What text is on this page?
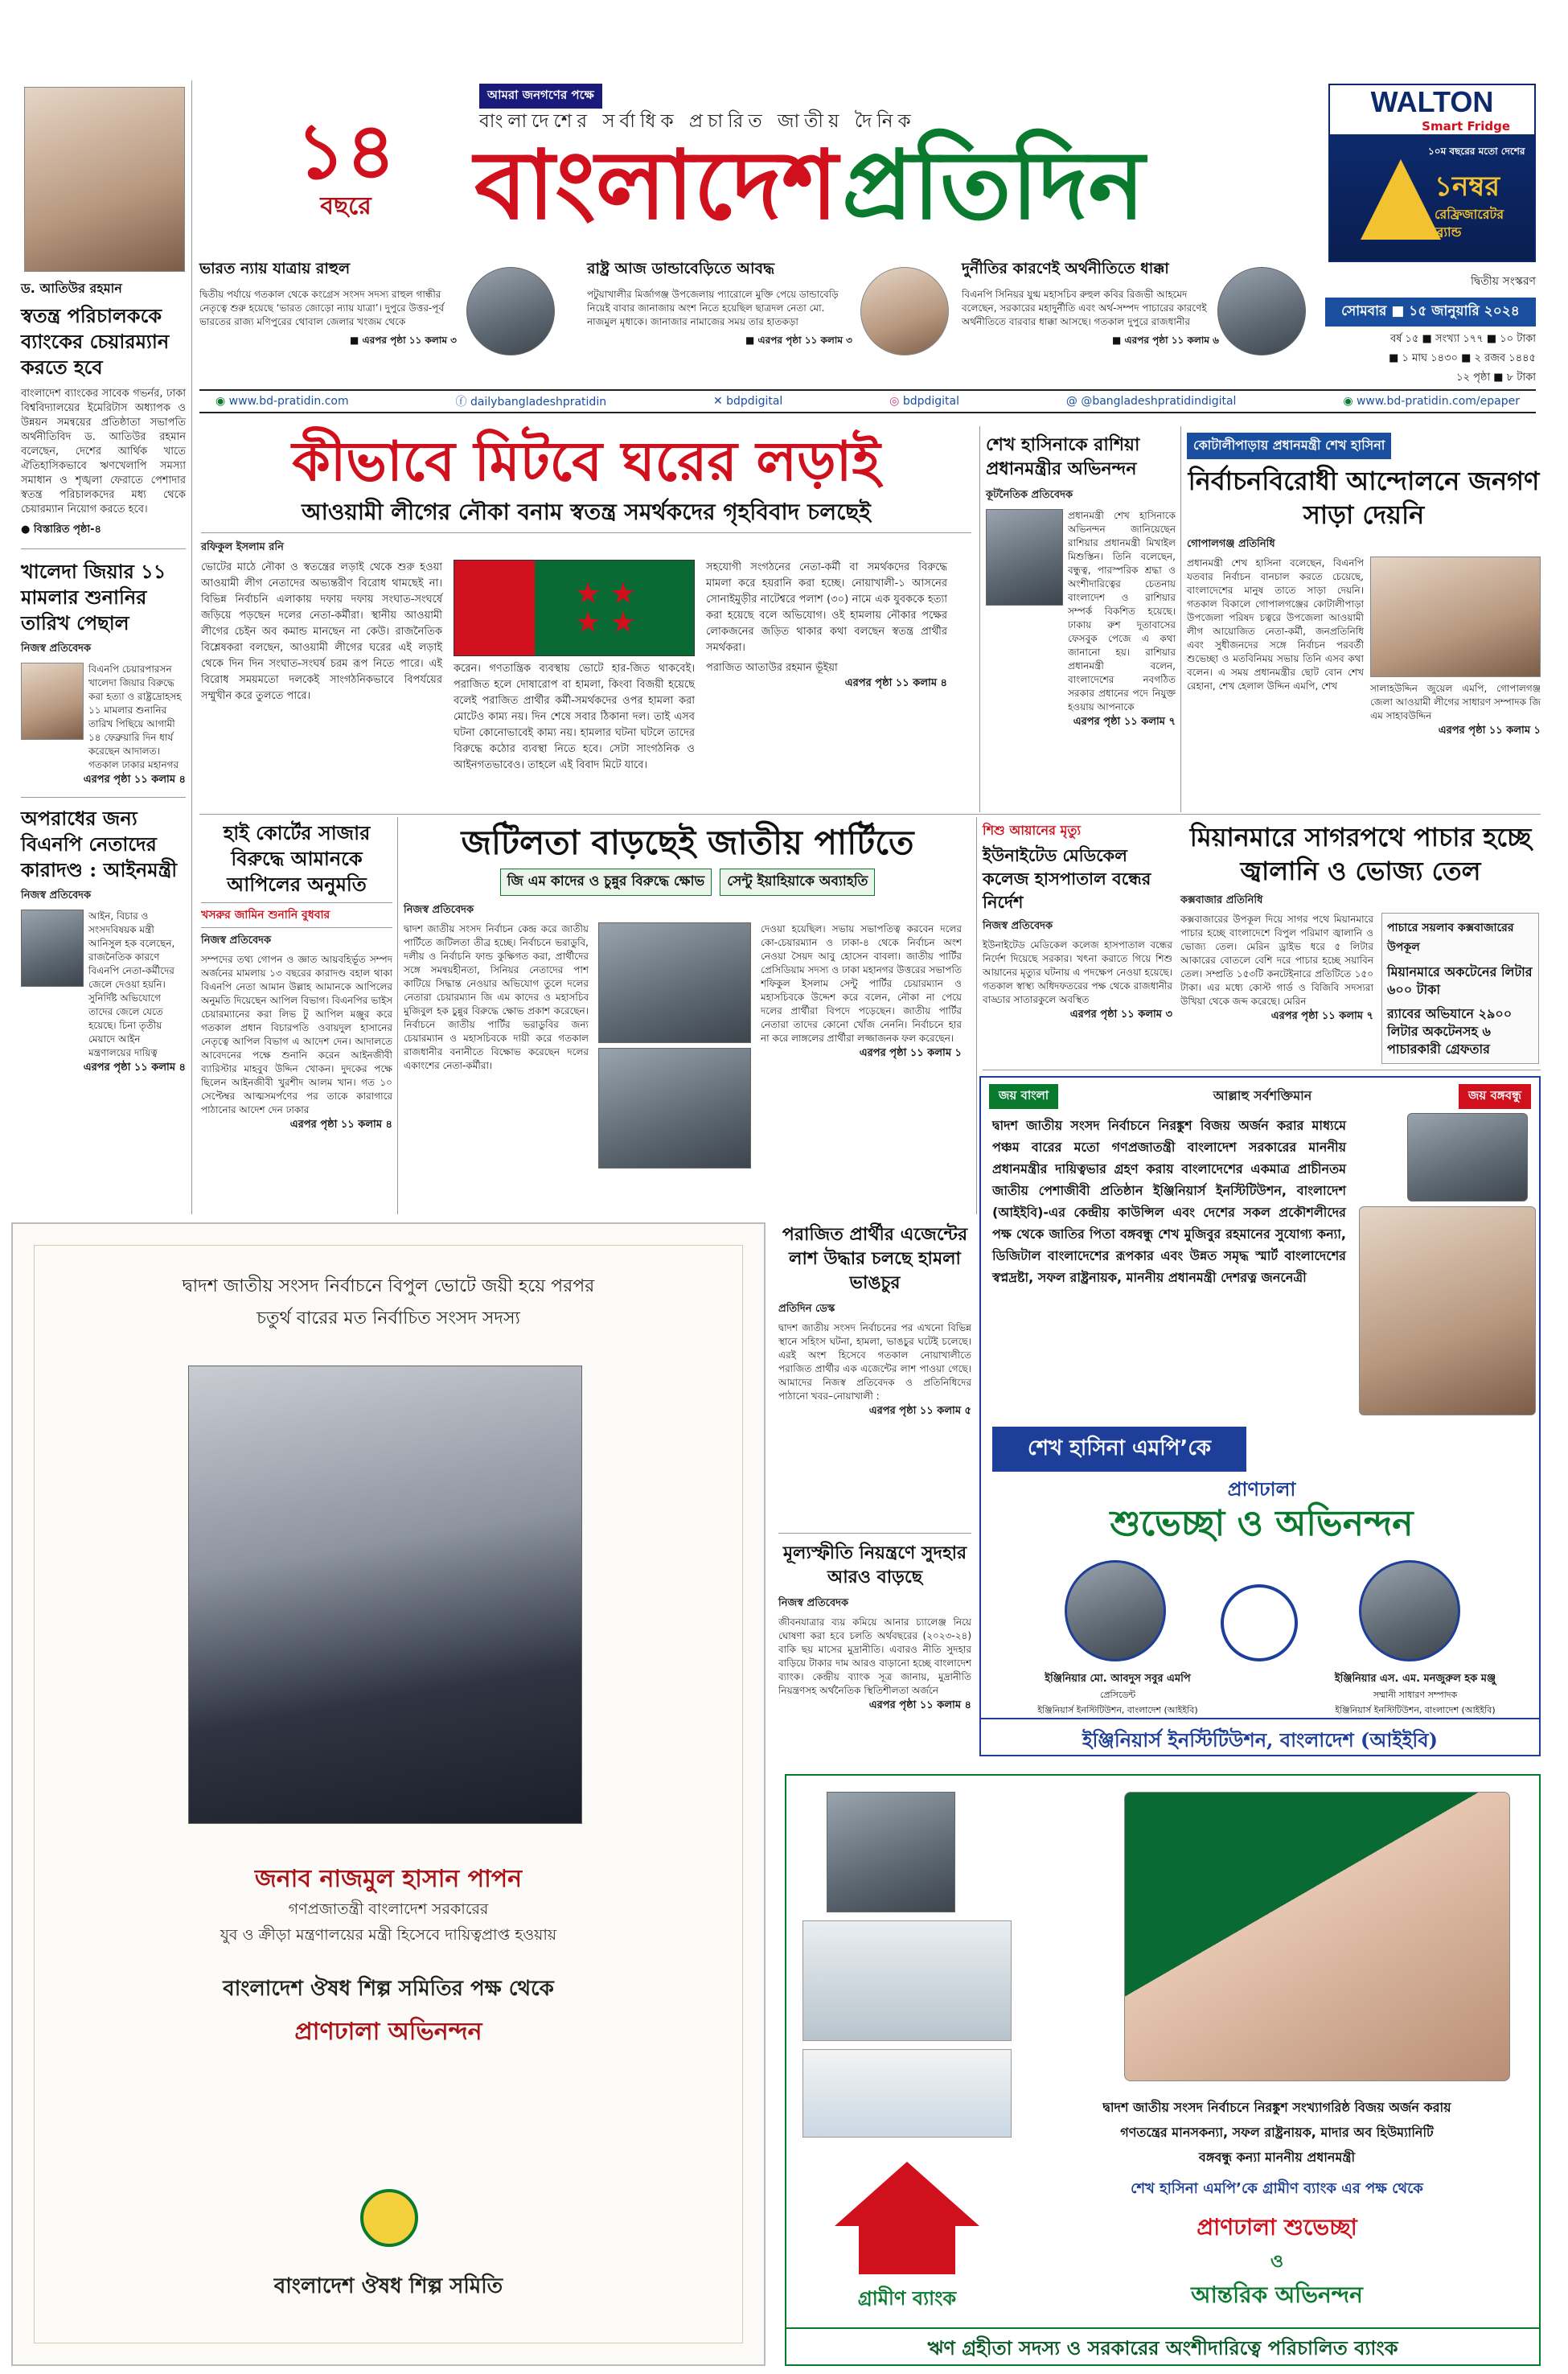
১৪
বছরে
আমরা জনগণের পক্ষে
বাংলাদেশের সর্বাধিক প্রচারিত জাতীয় দৈনিক
বাংলাদেশ প্রতিদিন
WALTON
Smart Fridge
১০ম বছরের মতো দেশের
১নম্বর
রেফ্রিজারেটর ব্র্যান্ড
ভারত ন্যায় যাত্রায় রাহুল
দ্বিতীয় পর্যায়ে গতকাল থেকে কংগ্রেস সংসদ সদস্য রাহুল গান্ধীর নেতৃত্বে শুরু হয়েছে ‘ভারত জোড়ো ন্যায় যাত্রা’। দুপুরে উত্তর-পূর্ব ভারতের রাজ্য মণিপুরের থোবাল জেলার খংজম থেকে
■ এরপর পৃষ্ঠা ১১ কলাম ৩
রাষ্ট্র আজ ডান্ডাবেড়িতে আবদ্ধ
পটুয়াখালীর মির্জাগঞ্জ উপজেলায় প্যারোলে মুক্তি পেয়ে ডান্ডাবেড়ি নিয়েই বাবার জানাজায় অংশ নিতে হয়েছিল ছাত্রদল নেতা মো. নাজমুল মৃধাকে। জানাজার নামাজের সময় তার হাতকড়া
■ এরপর পৃষ্ঠা ১১ কলাম ৩
দুর্নীতির কারণেই অর্থনীতিতে ধাক্কা
বিএনপি সিনিয়র যুগ্ম মহাসচিব রুহুল কবির রিজভী আহমেদ বলেছেন, সরকারের মহাদুর্নীতি এবং অর্থ-সম্পদ পাচারের কারণেই অর্থনীতিতে বারবার ধাক্কা আসছে। গতকাল দুপুরে রাজধানীর
■ এরপর পৃষ্ঠা ১১ কলাম ৬
দ্বিতীয় সংস্করণ
সোমবার ■ ১৫ জানুয়ারি ২০২৪
বর্ষ ১৫ ■ সংখ্যা ১৭৭ ■ ১০ টাকা
■ ১ মাঘ ১৪৩০ ■ ২ রজব ১৪৪৫
১২ পৃষ্ঠা ■ ৮ টাকা
◉ www.bd-pratidin.com	ⓕ dailybangladeshpratidin	✕ bdpdigital	◎ bdpdigital	@ @bangladeshpratidindigital	◉ www.bd-pratidin.com/epaper
ড. আতিউর রহমান
স্বতন্ত্র পরিচালককে ব্যাংকের চেয়ারম্যান করতে হবে
বাংলাদেশ ব্যাংকের সাবেক গভর্নর, ঢাকা বিশ্ববিদ্যালয়ের ইমেরিটাস অধ্যাপক ও উন্নয়ন সমন্বয়ের প্রতিষ্ঠাতা সভাপতি অর্থনীতিবিদ ড. আতিউর রহমান বলেছেন, দেশের আর্থিক খাতে ঐতিহাসিকভাবে ঋণখেলাপি সমস্যা সমাধান ও শৃঙ্খলা ফেরাতে পেশাদার স্বতন্ত্র পরিচালকদের মধ্য থেকে চেয়ারম্যান নিয়োগ করতে হবে।
● বিস্তারিত পৃষ্ঠা-৪
খালেদা জিয়ার ১১ মামলার শুনানির তারিখ পেছাল
নিজস্ব প্রতিবেদক
বিএনপি চেয়ারপারসন খালেদা জিয়ার বিরুদ্ধে করা হত্যা ও রাষ্ট্রদ্রোহসহ ১১ মামলার শুনানির তারিখ পিছিয়ে আগামী ১৪ ফেব্রুয়ারি দিন ধার্য করেছেন আদালত। গতকাল ঢাকার মহানগর
এরপর পৃষ্ঠা ১১ কলাম ৪
অপরাধের জন্য বিএনপি নেতাদের কারাদণ্ড : আইনমন্ত্রী
নিজস্ব প্রতিবেদক
আইন, বিচার ও সংসদবিষয়ক মন্ত্রী আনিসুল হক বলেছেন, রাজনৈতিক কারণে বিএনপি নেতা-কর্মীদের জেলে দেওয়া হয়নি। সুনির্দিষ্ট অভিযোগে তাদের জেলে যেতে হয়েছে। চিনা তৃতীয় মেয়াদে আইন মন্ত্রণালয়ের দায়িত্ব
এরপর পৃষ্ঠা ১১ কলাম ৪
কীভাবে মিটবে ঘরের লড়াই
আওয়ামী লীগের নৌকা বনাম স্বতন্ত্র সমর্থকদের গৃহবিবাদ চলছেই
রফিকুল ইসলাম রনি
ভোটের মাঠে নৌকা ও স্বতন্ত্রের লড়াই থেকে শুরু হওয়া আওয়ামী লীগ নেতাদের অভ্যন্তরীণ বিরোধ থামছেই না। বিভিন্ন নির্বাচনি এলাকায় দফায় দফায় সংঘাত-সংঘর্ষে জড়িয়ে পড়ছেন দলের নেতা-কর্মীরা। স্থানীয় আওয়ামী লীগের চেইন অব কমান্ড মানছেন না কেউ। রাজনৈতিক বিশ্লেষকরা বলছেন, আওয়ামী লীগের ঘরের এই লড়াই থেকে দিন দিন সংঘাত-সংঘর্ষ চরম রূপ নিতে পারে। এই বিরোধ সময়মতো দলকেই সাংগঠনিকভাবে বিপর্যয়ের সম্মুখীন করে তুলতে পারে।
★ ★
★ ★
করেন। গণতান্ত্রিক ব্যবস্থায় ভোটে হার-জিত থাকবেই। পরাজিত হলে দোষারোপ বা হামলা, কিংবা বিজয়ী হয়েছে বলেই পরাজিত প্রার্থীর কর্মী-সমর্থকদের ওপর হামলা করা মোটেও কাম্য নয়। দিন শেষে সবার ঠিকানা দল। তাই এসব ঘটনা কোনোভাবেই কাম্য নয়। হামলার ঘটনা ঘটলে তাদের বিরুদ্ধে কঠোর ব্যবস্থা নিতে হবে। সেটা সাংগঠনিক ও আইনগতভাবেও। তাহলে এই বিবাদ মিটে যাবে।
সহযোগী সংগঠনের নেতা-কর্মী বা সমর্থকদের বিরুদ্ধে মামলা করে হয়রানি করা হচ্ছে। নোয়াখালী-১ আসনের সোনাইমুড়ীর নাটেশ্বরে পলাশ (৩০) নামে এক যুবককে হত্যা করা হয়েছে বলে অভিযোগ। ওই হামলায় নৌকার পক্ষের লোকজনের জড়িত থাকার কথা বলছেন স্বতন্ত্র প্রার্থীর সমর্থকরা।
পরাজিত আতাউর রহমান ভূঁইয়া
এরপর পৃষ্ঠা ১১ কলাম ৪
শেখ হাসিনাকে রাশিয়া প্রধানমন্ত্রীর অভিনন্দন
কূটনৈতিক প্রতিবেদক
প্রধানমন্ত্রী শেখ হাসিনাকে অভিনন্দন জানিয়েছেন রাশিয়ার প্রধানমন্ত্রী মিখাইল মিশুস্তিন। তিনি বলেছেন, বন্ধুত্ব, পারস্পরিক শ্রদ্ধা ও অংশীদারিত্বের চেতনায় বাংলাদেশ ও রাশিয়ার সম্পর্ক বিকশিত হয়েছে। ঢাকায় রুশ দূতাবাসের ফেসবুক পেজে এ কথা জানানো হয়। রাশিয়ার প্রধানমন্ত্রী বলেন, বাংলাদেশের নবগঠিত সরকার প্রধানের পদে নিযুক্ত হওয়ায় আপনাকে
এরপর পৃষ্ঠা ১১ কলাম ৭
কোটালীপাড়ায় প্রধানমন্ত্রী শেখ হাসিনা
নির্বাচনবিরোধী আন্দোলনে জনগণ সাড়া দেয়নি
গোপালগঞ্জ প্রতিনিধি
প্রধানমন্ত্রী শেখ হাসিনা বলেছেন, বিএনপি যতবার নির্বাচন বানচাল করতে চেয়েছে, বাংলাদেশের মানুষ তাতে সাড়া দেয়নি। গতকাল বিকালে গোপালগঞ্জের কোটালীপাড়া উপজেলা পরিষদ চত্বরে উপজেলা আওয়ামী লীগ আয়োজিত নেতা-কর্মী, জনপ্রতিনিধি এবং সুধীজনদের সঙ্গে নির্বাচন পরবর্তী শুভেচ্ছা ও মতবিনিময় সভায় তিনি এসব কথা বলেন। এ সময় প্রধানমন্ত্রীর ছোট বোন শেখ রেহানা, শেখ হেলাল উদ্দিন এমপি, শেখ	সালাহউদ্দিন জুয়েল এমপি, গোপালগঞ্জ জেলা আওয়ামী লীগের সাধারণ সম্পাদক জি এম সাহাবউদ্দিন
এরপর পৃষ্ঠা ১১ কলাম ১
হাই কোর্টের সাজার বিরুদ্ধে আমানকে আপিলের অনুমতি
খসরুর জামিন শুনানি বুধবার
নিজস্ব প্রতিবেদক
সম্পদের তথ্য গোপন ও জ্ঞাত আয়বহির্ভূত সম্পদ অর্জনের মামলায় ১৩ বছরের কারাদণ্ড বহাল থাকা বিএনপি নেতা আমান উল্লাহ আমানকে আপিলের অনুমতি দিয়েছেন আপিল বিভাগ। বিএনপির ভাইস চেয়ারম্যানের করা লিভ টু আপিল মঞ্জুর করে গতকাল প্রধান বিচারপতি ওবায়দুল হাসানের নেতৃত্বে আপিল বিভাগ এ আদেশ দেন। আদালতে আবেদনের পক্ষে শুনানি করেন আইনজীবী ব্যারিস্টার মাহবুব উদ্দিন খোকন। দুদকের পক্ষে ছিলেন আইনজীবী খুরশীদ আলম খান। গত ১০ সেপ্টেম্বর আত্মসমর্পণের পর তাকে কারাগারে পাঠানোর আদেশ দেন ঢাকার
এরপর পৃষ্ঠা ১১ কলাম ৪
জটিলতা বাড়ছেই জাতীয় পার্টিতে
জি এম কাদের ও চুন্নুর বিরুদ্ধে ক্ষোভ	সেন্টু ইয়াহিয়াকে অব্যাহতি
নিজস্ব প্রতিবেদক
দ্বাদশ জাতীয় সংসদ নির্বাচন কেন্দ্র করে জাতীয় পার্টিতে জটিলতা তীব্র হচ্ছে। নির্বাচনে ভরাডুবি, দলীয় ও নির্বাচনি ফান্ড কুক্ষিগত করা, প্রার্থীদের সঙ্গে সমন্বয়হীনতা, সিনিয়র নেতাদের পাশ কাটিয়ে সিদ্ধান্ত নেওয়ার অভিযোগ তুলে দলের নেতারা চেয়ারম্যান জি এম কাদের ও মহাসচিব মুজিবুল হক চুন্নুর বিরুদ্ধে ক্ষোভ প্রকাশ করেছেন। নির্বাচনে জাতীয় পার্টির ভরাডুবির জন্য চেয়ারম্যান ও মহাসচিবকে দায়ী করে গতকাল রাজধানীর বনানীতে বিক্ষোভ করেছেন দলের একাংশের নেতা-কর্মীরা।
দেওয়া হয়েছিল। সভায় সভাপতিত্ব করবেন দলের কো-চেয়ারম্যান ও ঢাকা-৪ থেকে নির্বাচন অংশ নেওয়া সৈয়দ আবু হোসেন বাবলা। জাতীয় পার্টির প্রেসিডিয়াম সদস্য ও ঢাকা মহানগর উত্তরের সভাপতি শফিকুল ইসলাম সেন্টু পার্টির চেয়ারম্যান ও মহাসচিবকে উদ্দেশ করে বলেন, নৌকা না পেয়ে দলের প্রার্থীরা বিপদে পড়েছেন। জাতীয় পার্টির নেতারা তাদের কোনো খোঁজ নেননি। নির্বাচনে হার না করে লাঙ্গলের প্রার্থীরা লজ্জাজনক ফল করেছেন।
এরপর পৃষ্ঠা ১১ কলাম ১
শিশু আয়ানের মৃত্যু
ইউনাইটেড মেডিকেল কলেজ হাসপাতাল বন্ধের নির্দেশ
নিজস্ব প্রতিবেদক
ইউনাইটেড মেডিকেল কলেজ হাসপাতাল বন্ধের নির্দেশ দিয়েছে সরকার। খৎনা করাতে গিয়ে শিশু আয়ানের মৃত্যুর ঘটনায় এ পদক্ষেপ নেওয়া হয়েছে। গতকাল স্বাস্থ্য অধিদফতরের পক্ষ থেকে রাজধানীর বাড্ডার সাতারকুলে অবস্থিত
এরপর পৃষ্ঠা ১১ কলাম ৩
মিয়ানমারে সাগরপথে পাচার হচ্ছে জ্বালানি ও ভোজ্য তেল
কক্সবাজার প্রতিনিধি
কক্সবাজারের উপকূল দিয়ে সাগর পথে মিয়ানমারে পাচার হচ্ছে বাংলাদেশে বিপুল পরিমাণ জ্বালানি ও ভোজ্য তেল। মেরিন ড্রাইভ ধরে ৫ লিটার আকারের বোতলে বেশি দরে পাচার হচ্ছে সয়াবিন তেল। সম্প্রতি ১৫৩টি কনটেইনারে প্রতিটিতে ১৫০ টাকা। এর মধ্যে কোস্ট গার্ড ও বিজিবি সদস্যরা উখিয়া থেকে জব্দ করেছে। মেরিন
এরপর পৃষ্ঠা ১১ কলাম ৭
পাচারে সয়লাব কক্সবাজারের উপকূল
মিয়ানমারে অকটেনের লিটার ৬০০ টাকা
র‍্যাবের অভিযানে ২৯০০ লিটার অকটেনসহ ৬ পাচারকারী গ্রেফতার
দ্বাদশ জাতীয় সংসদ নির্বাচনে বিপুল ভোটে জয়ী হয়ে পরপর
চতুর্থ বারের মত নির্বাচিত সংসদ সদস্য
জনাব নাজমুল হাসান পাপন
গণপ্রজাতন্ত্রী বাংলাদেশ সরকারের
যুব ও ক্রীড়া মন্ত্রণালয়ের মন্ত্রী হিসেবে দায়িত্বপ্রাপ্ত হওয়ায়
বাংলাদেশ ঔষধ শিল্প সমিতির পক্ষ থেকে
প্রাণঢালা অভিনন্দন
বাংলাদেশ ঔষধ শিল্প সমিতি
পরাজিত প্রার্থীর এজেন্টের লাশ উদ্ধার চলছে হামলা ভাঙচুর
প্রতিদিন ডেস্ক
দ্বাদশ জাতীয় সংসদ নির্বাচনের পর এখনো বিভিন্ন স্থানে সহিংস ঘটনা, হামলা, ভাঙচুর ঘটেই চলেছে। এরই অংশ হিসেবে গতকাল নোয়াখালীতে পরাজিত প্রার্থীর এক এজেন্টের লাশ পাওয়া গেছে। আমাদের নিজস্ব প্রতিবেদক ও প্রতিনিধিদের পাঠানো খবর–নোয়াখালী :
এরপর পৃষ্ঠা ১১ কলাম ৫
মূল্যস্ফীতি নিয়ন্ত্রণে সুদহার আরও বাড়ছে
নিজস্ব প্রতিবেদক
জীবনযাত্রার ব্যয় কমিয়ে আনার চ্যালেঞ্জ নিয়ে ঘোষণা করা হবে চলতি অর্থবছরের (২০২৩-২৪) বাকি ছয় মাসের মুদ্রানীতি। এবারও নীতি সুদহার বাড়িয়ে টাকার দাম আরও বাড়ানো হচ্ছে বাংলাদেশ ব্যাংক। কেন্দ্রীয় ব্যাংক সূত্র জানায়, মুদ্রানীতি নিয়ন্ত্রণসহ অর্থনৈতিক স্থিতিশীলতা অর্জনে
এরপর পৃষ্ঠা ১১ কলাম ৪
জয় বাংলা	আল্লাহু সর্বশক্তিমান	জয় বঙ্গবন্ধু
দ্বাদশ জাতীয় সংসদ নির্বাচনে নিরঙ্কুশ বিজয় অর্জন করার মাধ্যমে পঞ্চম বারের মতো গণপ্রজাতন্ত্রী বাংলাদেশ সরকারের মাননীয় প্রধানমন্ত্রীর দায়িত্বভার গ্রহণ করায় বাংলাদেশের একমাত্র প্রাচীনতম জাতীয় পেশাজীবী প্রতিষ্ঠান ইঞ্জিনিয়ার্স ইনস্টিটিউশন, বাংলাদেশ (আইইবি)-এর কেন্দ্রীয় কাউন্সিল এবং দেশের সকল প্রকৌশলীদের পক্ষ থেকে জাতির পিতা বঙ্গবন্ধু শেখ মুজিবুর রহমানের সুযোগ্য কন্যা, ডিজিটাল বাংলাদেশের রূপকার এবং উন্নত সমৃদ্ধ স্মার্ট বাংলাদেশের স্বপ্নদ্রষ্টা, সফল রাষ্ট্রনায়ক, মাননীয় প্রধানমন্ত্রী দেশরত্ন জননেত্রী
শেখ হাসিনা এমপি’কে
প্রাণঢালা
শুভেচ্ছা ও অভিনন্দন
ইঞ্জিনিয়ার মো. আবদুস সবুর এমপি
প্রেসিডেন্ট
ইঞ্জিনিয়ার্স ইনস্টিটিউশন, বাংলাদেশ (আইইবি)
ইঞ্জিনিয়ার এস. এম. মনজুরুল হক মঞ্জু
সম্মানী সাধারণ সম্পাদক
ইঞ্জিনিয়ার্স ইনস্টিটিউশন, বাংলাদেশ (আইইবি)
ইঞ্জিনিয়ার্স ইনস্টিটিউশন, বাংলাদেশ (আইইবি)
গ্রামীণ ব্যাংক
দ্বাদশ জাতীয় সংসদ নির্বাচনে নিরঙ্কুশ সংখ্যাগরিষ্ঠ বিজয় অর্জন করায়
গণতন্ত্রের মানসকন্যা, সফল রাষ্ট্রনায়ক, মাদার অব হিউম্যানিটি
বঙ্গবন্ধু কন্যা মাননীয় প্রধানমন্ত্রী
শেখ হাসিনা এমপি’কে গ্রামীণ ব্যাংক এর পক্ষ থেকে
প্রাণঢালা শুভেচ্ছা
ও
আন্তরিক অভিনন্দন
ঋণ গ্রহীতা সদস্য ও সরকারের অংশীদারিত্বে পরিচালিত ব্যাংক
